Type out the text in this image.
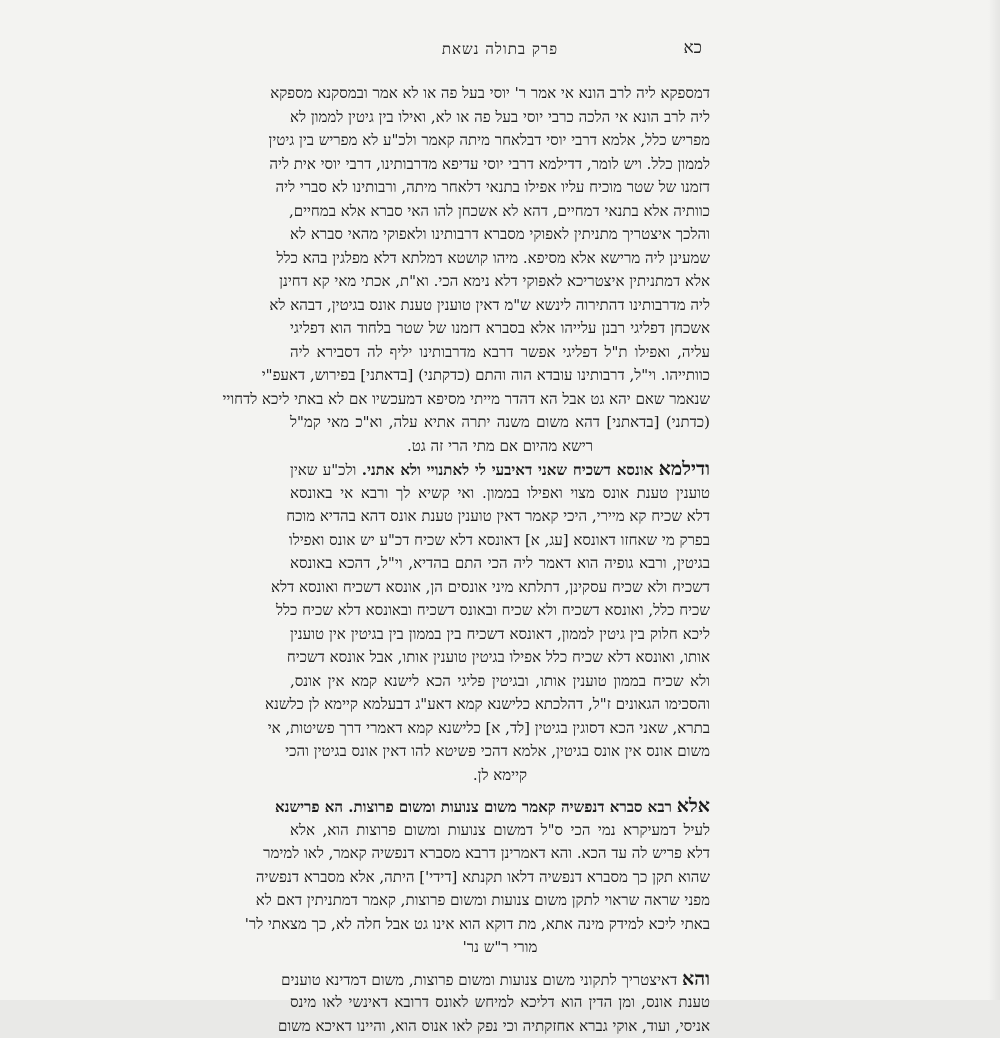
כא
פרק בתולה נשאת
דמספקא ליה לרב הונא אי אמר ר' יוסי בעל פה או לא אמר ובמסקנא מספקא
ליה לרב הונא אי הלכה כרבי יוסי בעל פה או לא, ואילו בין גיטין לממון לא
מפריש כלל, אלמא דרבי יוסי דבלאחר מיתה קאמר ולכ"ע לא מפריש בין גיטין
לממון כלל. ויש לומר, דדילמא דרבי יוסי עדיפא מדרבותינו, דרבי יוסי אית ליה
דזמנו של שטר מוכיח עליו אפילו בתנאי דלאחר מיתה, ורבותינו לא סברי ליה
כוותיה אלא בתנאי דמחיים, דהא לא אשכחן להו האי סברא אלא במחיים,
והלכך איצטריך מתניתין לאפוקי מסברא דרבותינו ולאפוקי מהאי סברא לא
שמעינן ליה מרישא אלא מסיפא. מיהו קושטא דמלתא דלא מפלגין בהא כלל
אלא דמתניתין איצטריכא לאפוקי דלא נימא הכי. וא"ת, אכתי מאי קא דחינן
ליה מדרבותינו דהתירוה לינשא ש"מ דאין טוענין טענת אונס בגיטין, דבהא לא
אשכחן דפליגי רבנן עלייהו אלא בסברא דזמנו של שטר בלחוד הוא דפליגי
עליה, ואפילו ת"ל דפליגי אפשר דרבא מדרבותינו יליף לה דסבירא ליה
כוותייהו. וי"ל, דרבותינו עובדא הוה והתם (כדקתני) [בדאתני] בפירוש, דאעפ"י
שנאמר שאם יהא גט אבל הא דהדר מייתי מסיפא דמעכשיו אם לא באתי ליכא לדחויי
(כדתני) [בדאתני] דהא משום משנה יתרה אתיא עלה, וא"כ מאי קמ"ל
רישא מהיום אם מתי הרי זה גט.
ודילמא אונסא דשכיח שאני דאיבעי לי לאתנויי ולא אתני. ולכ"ע שאין
טוענין טענת אונס מצוי ואפילו בממון. ואי קשיא לך ורבא אי באונסא
דלא שכיח קא מיירי, היכי קאמר דאין טוענין טענת אונס דהא בהדיא מוכח
בפרק מי שאחזו דאונסא [עג, א] דאונסא דלא שכיח דכ"ע יש אונס ואפילו
בגיטין, ורבא גופיה הוא דאמר ליה הכי התם בהדיא, וי"ל, דהכא באונסא
דשכיח ולא שכיח עסקינן, דתלתא מיני אונסים הן, אונסא דשכיח ואונסא דלא
שכיח כלל, ואונסא דשכיח ולא שכיח ובאונס דשכיח ובאונסא דלא שכיח כלל
ליכא חלוק בין גיטין לממון, דאונסא דשכיח בין בממון בין בגיטין אין טוענין
אותו, ואונסא דלא שכיח כלל אפילו בגיטין טוענין אותו, אבל אונסא דשכיח
ולא שכיח בממון טוענין אותו, ובגיטין פליגי הכא לישנא קמא אין אונס,
והסכימו הגאונים ז"ל, דהלכתא כלישנא קמא דאע"ג דבעלמא קיימא לן כלשנא
בתרא, שאני הכא דסוגין בגיטין [לד, א] כלישנא קמא דאמרי דרך פשיטות, אי
משום אונס אין אונס בגיטין, אלמא דהכי פשיטא להו דאין אונס בגיטין והכי
קיימא לן.
אלא רבא סברא דנפשיה קאמר משום צנועות ומשום פרוצות. הא פרישנא
לעיל דמעיקרא נמי הכי ס"ל דמשום צנועות ומשום פרוצות הוא, אלא
דלא פריש לה עד הכא. והא דאמרינן דרבא מסברא דנפשיה קאמר, לאו למימר
שהוא תקן כך מסברא דנפשיה דלאו תקנתא [דידי'] היתה, אלא מסברא דנפשיה
מפני שראה שראוי לתקן משום צנועות ומשום פרוצות, קאמר דמתניתין דאם לא
באתי ליכא למידק מינה אתא, מת דוקא הוא אינו גט אבל חלה לא, כך מצאתי לר'
מורי ר"ש נר'
והא דאיצטריך לתקוני משום צנועות ומשום פרוצות, משום דמדינא טוענים
טענת אונס, ומן הדין הוא דליכא למיחש לאונס דרובא דאינשי לאו מינס
אניסי, ועוד, אוקי גברא אחזקתיה וכי נפק לאו אנוס הוא, והיינו דאיכא משום
